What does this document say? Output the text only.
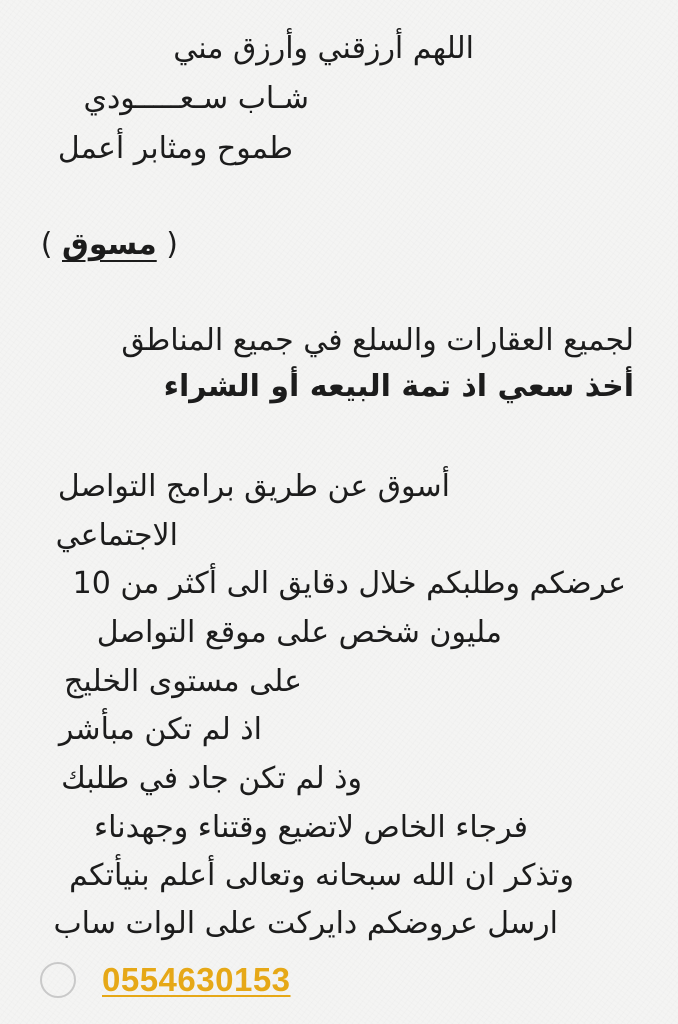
اللهم أرزقني وأرزق مني
شـاب سـعـــــودي
طموح ومثابر أعمل
( مسوق )
لجميع العقارات والسلع في جميع المناطق
أخذ سعي اذ تمة البيعه أو الشراء
أسوق عن طريق برامج التواصل
الاجتماعي
عرضكم وطلبكم خلال دقايق الى أكثر من 10
مليون شخص على موقع التواصل
على مستوى الخليج
اذ لم تكن مبأشر
وذ لم تكن جاد في طلبك
فرجاء الخاص لاتضيع وقتناء وجهدناء
وتذكر ان الله سبحانه وتعالى أعلم بنيأتكم
ارسل عروضكم دايركت على الوات ساب
0554630153
